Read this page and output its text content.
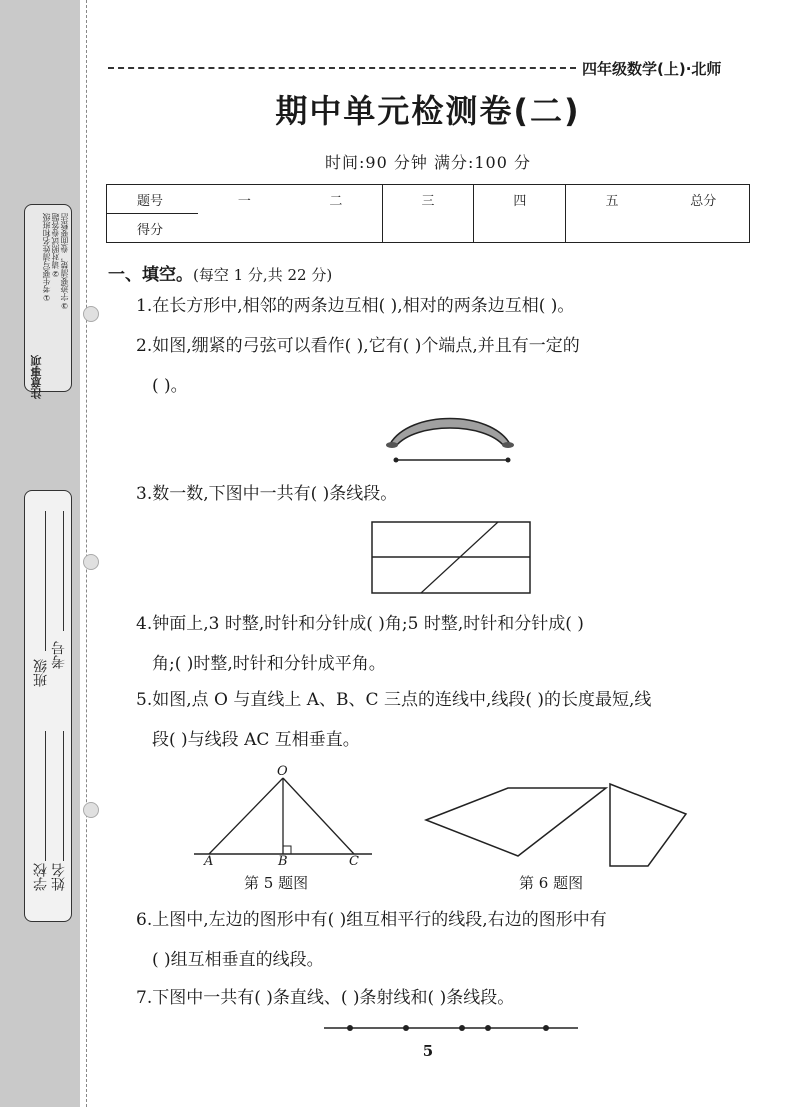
注意事项
①考生要写清姓名和班级 ②请对照试卷答题 ③字迹要清楚，卷面要整洁
学校 姓名
班级
考号
四年级数学(上)·北师
期中单元检测卷(二)
时间:90 分钟 满分:100 分
题号	一	二	三	四	五	总分
得分						
一、填空。(每空 1 分,共 22 分)
1.在长方形中,相邻的两条边互相( ),相对的两条边互相( )。
2.如图,绷紧的弓弦可以看作( ),它有( )个端点,并且有一定的
( )。
3.数一数,下图中一共有( )条线段。
4.钟面上,3 时整,时针和分针成( )角;5 时整,时针和分针成( )
角;( )时整,时针和分针成平角。
5.如图,点 O 与直线上 A、B、C 三点的连线中,线段( )的长度最短,线
段( )与线段 AC 互相垂直。
O
A	B	C
第 5 题图	第 6 题图
6.上图中,左边的图形中有( )组互相平行的线段,右边的图形中有
( )组互相垂直的线段。
7.下图中一共有( )条直线、( )条射线和( )条线段。
5
